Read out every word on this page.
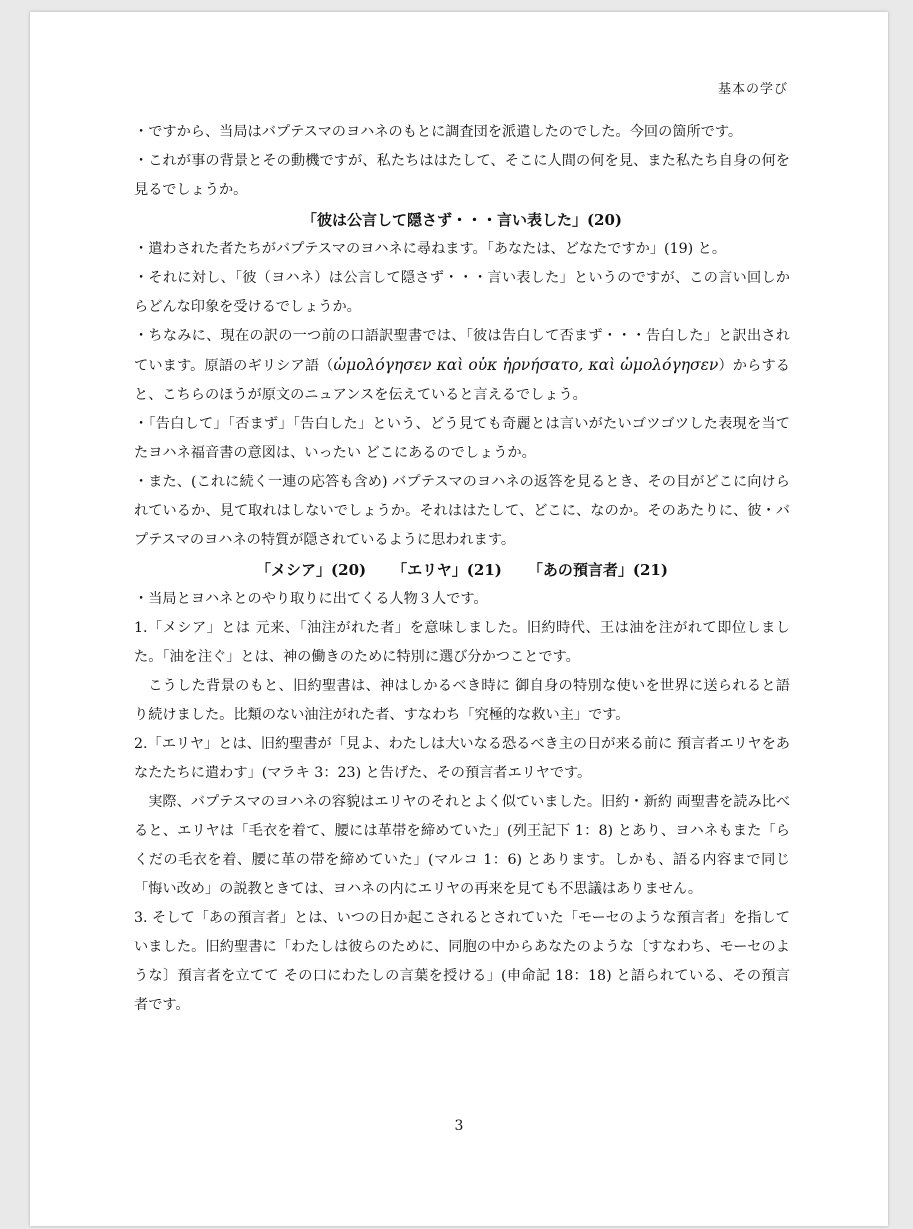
基本の学び

・ですから、当局はバプテスマのヨハネのもとに調査団を派遣したのでした。今回の箇所です。

・これが事の背景とその動機ですが、私たちははたして、そこに人間の何を見、また私たち自身の何を見るでしょうか。

「彼は公言して隠さず・・・言い表した」(20)

・遣わされた者たちがバプテスマのヨハネに尋ねます。「あなたは、どなたですか」(19) と。

・それに対し、「彼（ヨハネ）は公言して隠さず・・・言い表した」というのですが、この言い回しからどんな印象を受けるでしょうか。

・ちなみに、現在の訳の一つ前の口語訳聖書では、「彼は告白して否まず・・・告白した」と訳出されています。原語のギリシア語（ὡμολόγησεν καὶ οὐκ ἠρνήσατο, καὶ ὡμολόγησεν）からすると、こちらのほうが原文のニュアンスを伝えていると言えるでしょう。

・「告白して」「否まず」「告白した」という、どう見ても奇麗とは言いがたいゴツゴツした表現を当てたヨハネ福音書の意図は、いったい どこにあるのでしょうか。

・また、(これに続く一連の応答も含め) バプテスマのヨハネの返答を見るとき、その目がどこに向けられているか、見て取れはしないでしょうか。それははたして、どこに、なのか。そのあたりに、彼・バプテスマのヨハネの特質が隠されているように思われます。

「メシア」(20) 「エリヤ」(21) 「あの預言者」(21)

・当局とヨハネとのやり取りに出てくる人物３人です。

1.「メシア」とは 元来、「油注がれた者」を意味しました。旧約時代、王は油を注がれて即位しました。「油を注ぐ」とは、神の働きのために特別に選び分かつことです。

こうした背景のもと、旧約聖書は、神はしかるべき時に 御自身の特別な使いを世界に送られると語り続けました。比類のない油注がれた者、すなわち「究極的な救い主」です。

2.「エリヤ」とは、旧約聖書が「見よ、わたしは大いなる恐るべき主の日が来る前に 預言者エリヤをあなたたちに遣わす」(マラキ 3：23) と告げた、その預言者エリヤです。

実際、バプテスマのヨハネの容貌はエリヤのそれとよく似ていました。旧約・新約 両聖書を読み比べると、エリヤは「毛衣を着て、腰には革帯を締めていた」(列王記下 1：8) とあり、ヨハネもまた「らくだの毛衣を着、腰に革の帯を締めていた」(マルコ 1：6) とあります。しかも、語る内容まで同じ「悔い改め」の説教ときては、ヨハネの内にエリヤの再来を見ても不思議はありません。

3. そして「あの預言者」とは、いつの日か起こされるとされていた「モーセのような預言者」を指していました。旧約聖書に「わたしは彼らのために、同胞の中からあなたのような〔すなわち、モーセのような〕預言者を立てて その口にわたしの言葉を授ける」(申命記 18：18) と語られている、その預言者です。

3
